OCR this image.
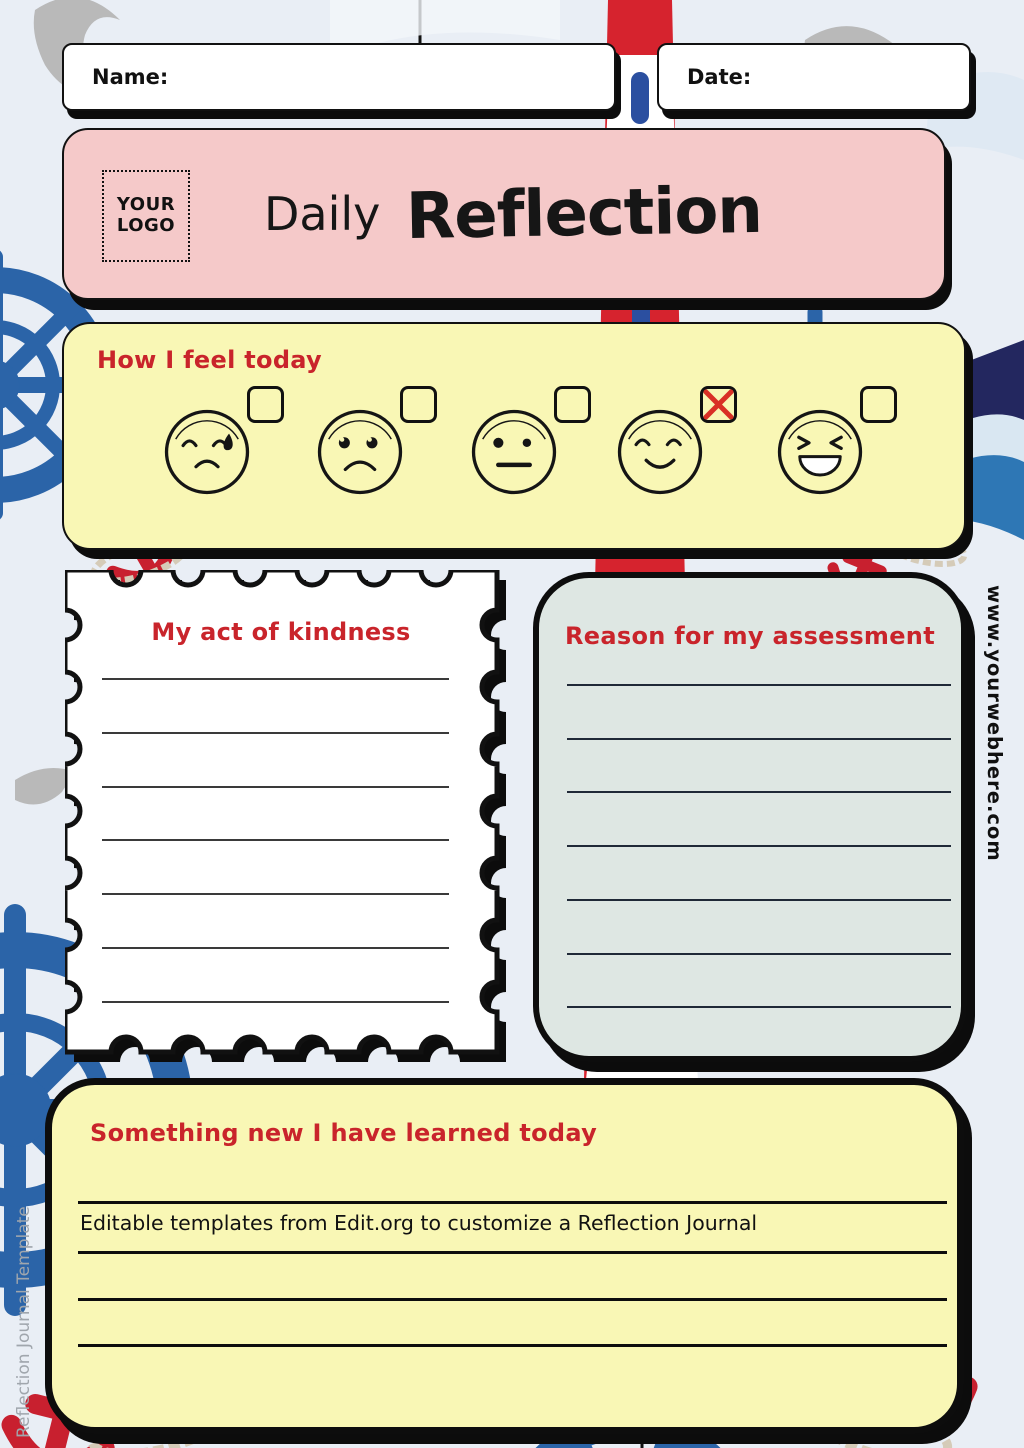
Name:	Date:
YOUR
LOGO Daily Reflection
How I feel today
My act of kindness	Reason for my assessment
Something new I have learned today
Editable templates from Edit.org to customize a Reflection Journal
www.yourwebhere.com
Reflection Journal Template
